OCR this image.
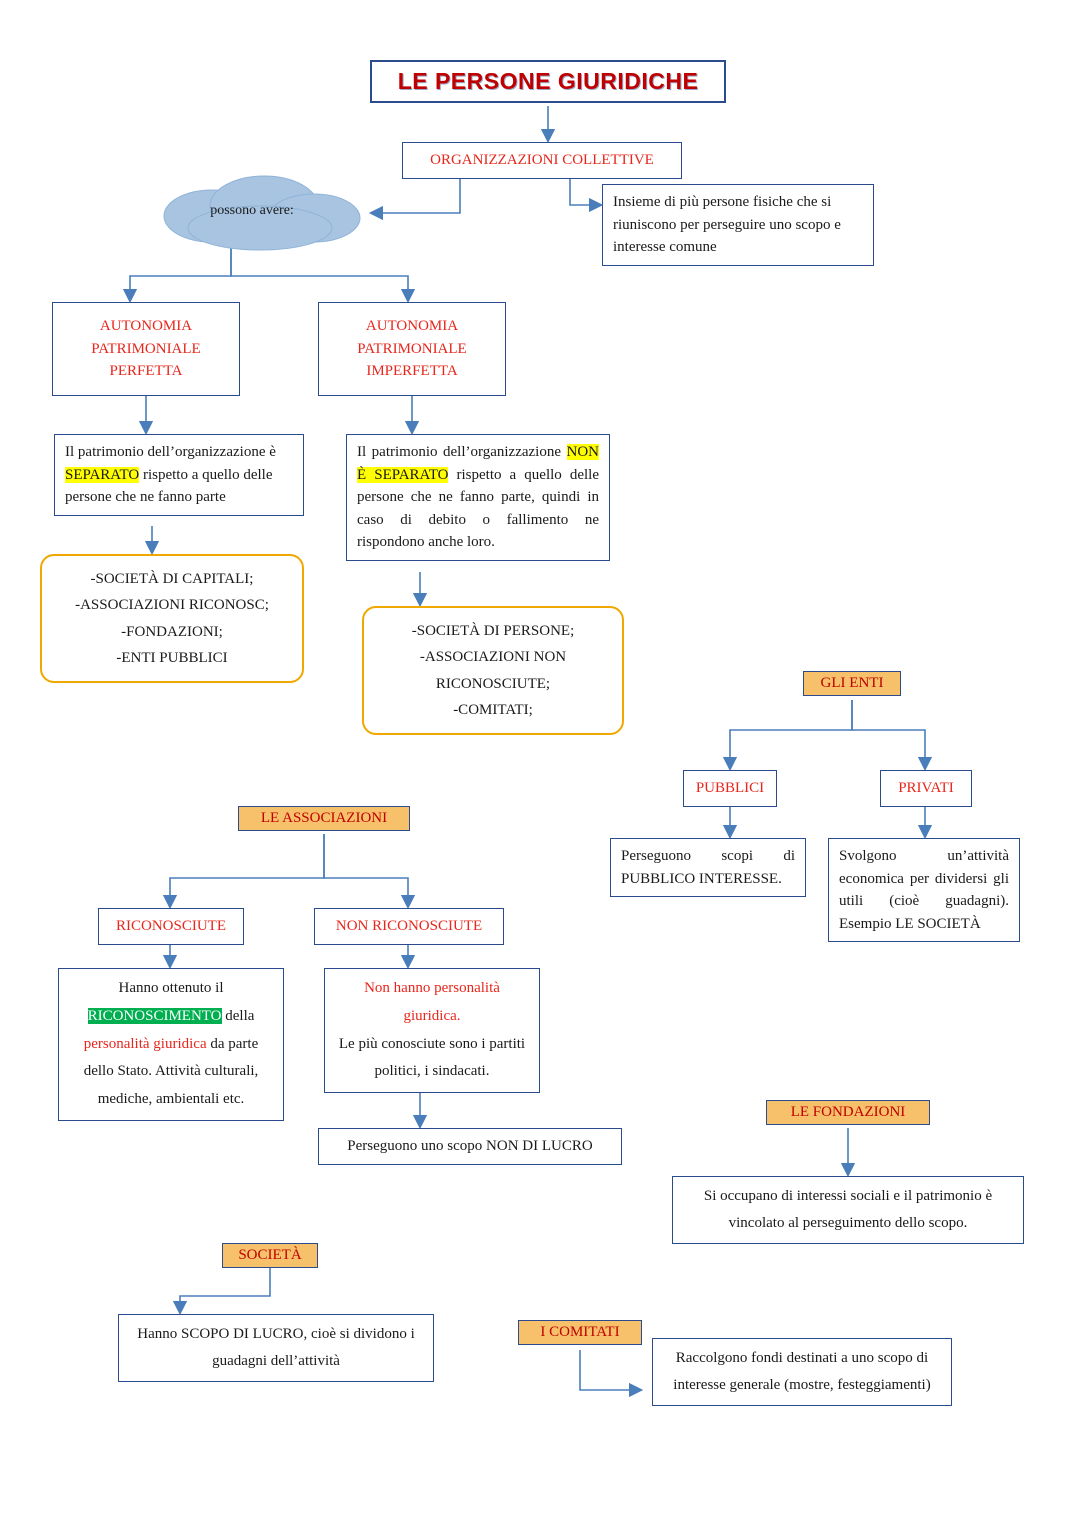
LE PERSONE GIURIDICHE
ORGANIZZAZIONI COLLETTIVE
Insieme di più persone fisiche che si riuniscono per perseguire uno scopo e interesse comune
possono avere:
AUTONOMIA
PATRIMONIALE
PERFETTA
AUTONOMIA
PATRIMONIALE
IMPERFETTA
Il patrimonio dell’organizzazione è SEPARATO rispetto a quello delle persone che ne fanno parte
Il patrimonio dell’organizzazione NON È SEPARATO rispetto a quello delle persone che ne fanno parte, quindi in caso di debito o fallimento ne rispondono anche loro.
-SOCIETÀ DI CAPITALI;
-ASSOCIAZIONI RICONOSC;
-FONDAZIONI;
-ENTI PUBBLICI
-SOCIETÀ DI PERSONE;
-ASSOCIAZIONI NON
RICONOSCIUTE;
-COMITATI;
GLI ENTI
PUBBLICI	PRIVATI
Perseguono scopi di PUBBLICO INTERESSE.
Svolgono un’attività economica per dividersi gli utili (cioè guadagni). Esempio LE SOCIETÀ
LE ASSOCIAZIONI
RICONOSCIUTE	NON RICONOSCIUTE
Hanno ottenuto il RICONOSCIMENTO della personalità giuridica da parte dello Stato. Attività culturali, mediche, ambientali etc.
Non hanno personalità giuridica.
Le più conosciute sono i partiti politici, i sindacati.
Perseguono uno scopo NON DI LUCRO
LE FONDAZIONI
Si occupano di interessi sociali e il patrimonio è vincolato al perseguimento dello scopo.
SOCIETÀ
Hanno SCOPO DI LUCRO, cioè si dividono i guadagni dell’attività
I COMITATI
Raccolgono fondi destinati a uno scopo di interesse generale (mostre, festeggiamenti)
